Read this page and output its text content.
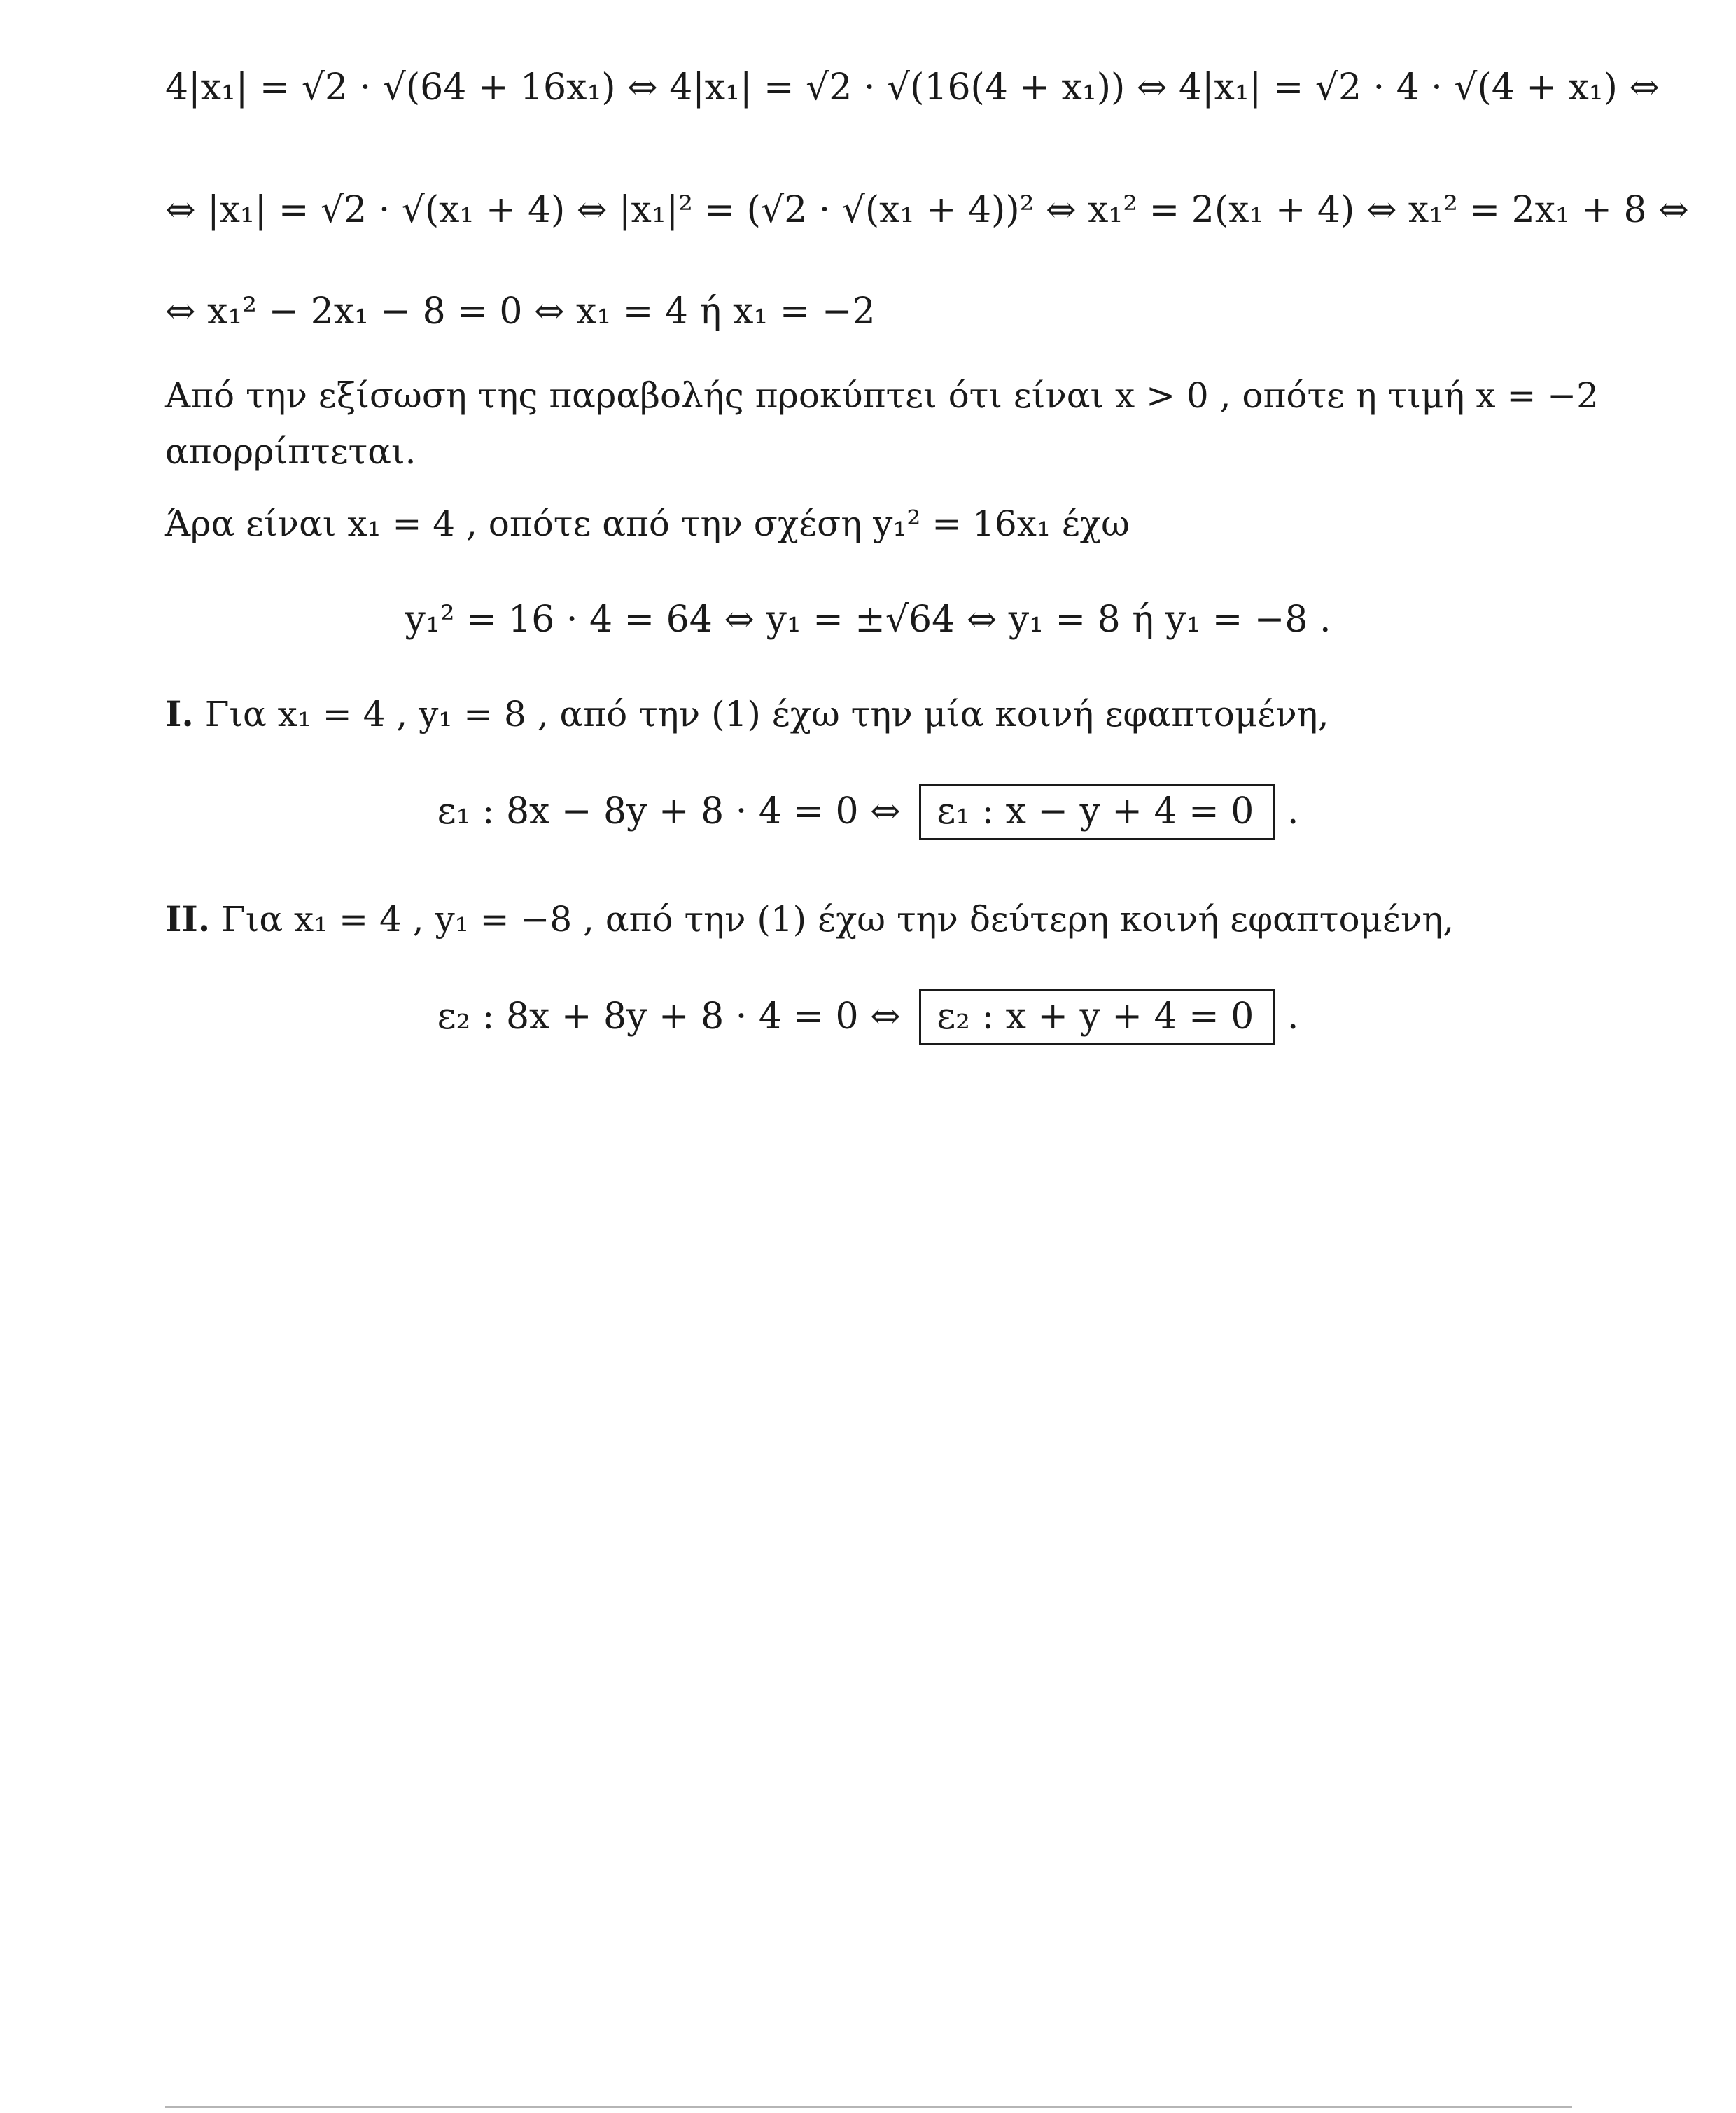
4|x₁| = √2 · √(64 + 16x₁) ⇔ 4|x₁| = √2 · √(16(4 + x₁)) ⇔ 4|x₁| = √2 · 4 · √(4 + x₁) ⇔
⇔ |x₁| = √2 · √(x₁ + 4) ⇔ |x₁|² = (√2 · √(x₁ + 4))² ⇔ x₁² = 2(x₁ + 4) ⇔ x₁² = 2x₁ + 8 ⇔
⇔ x₁² − 2x₁ − 8 = 0 ⇔ x₁ = 4 ή x₁ = −2
Από την εξίσωση της παραβολής προκύπτει ότι είναι x > 0 , οπότε η τιμή x = −2
απορρίπτεται.
Άρα είναι x₁ = 4 , οπότε από την σχέση y₁² = 16x₁ έχω
y₁² = 16 · 4 = 64 ⇔ y₁ = ±√64 ⇔ y₁ = 8 ή y₁ = −8 .
I. Για x₁ = 4 , y₁ = 8 , από την (1) έχω την μία κοινή εφαπτομένη,
ε₁ : 8x − 8y + 8 · 4 = 0 ⇔ ε₁ : x − y + 4 = 0 .
II. Για x₁ = 4 , y₁ = −8 , από την (1) έχω την δεύτερη κοινή εφαπτομένη,
ε₂ : 8x + 8y + 8 · 4 = 0 ⇔ ε₂ : x + y + 4 = 0 .
